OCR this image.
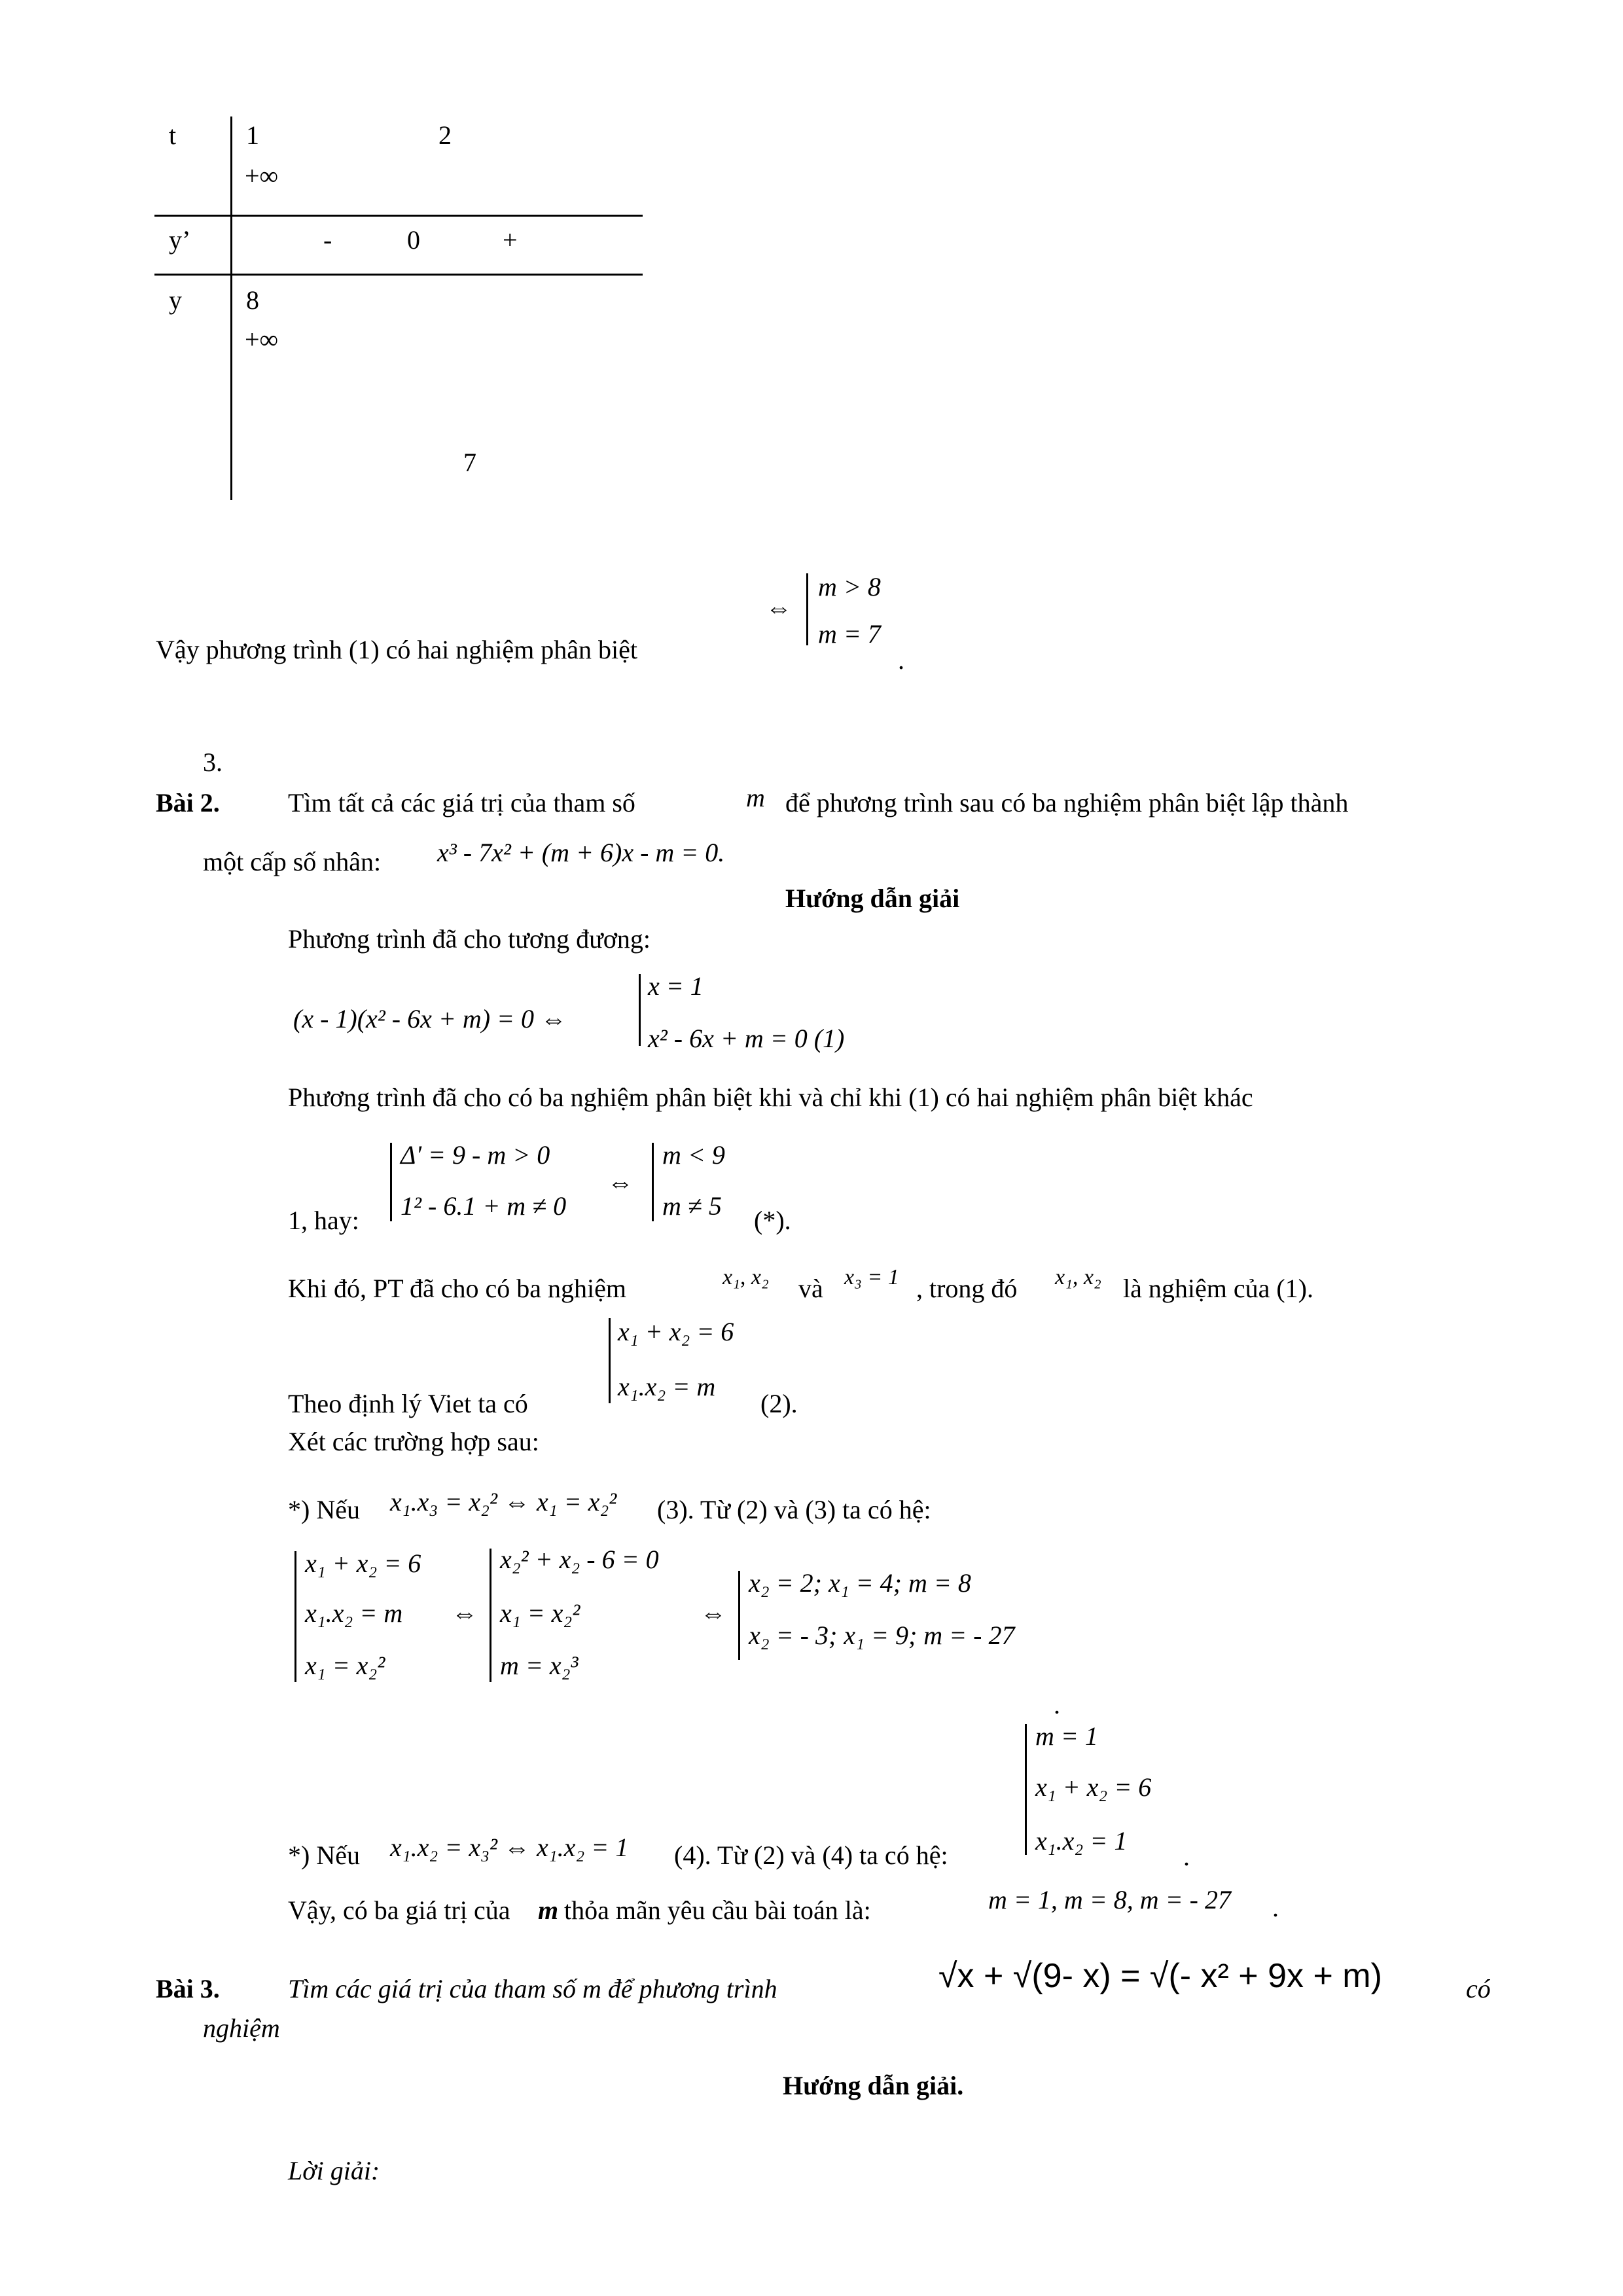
t	1	2
+∞
y’	-	0	+
y 8
+∞
7
Vậy phương trình (1) có hai nghiệm phân biệt
⇔
m > 8
m = 7
.
3.
Bài 2.	Tìm tất cả các giá trị của tham số	m để phương trình sau có ba nghiệm phân biệt lập thành
một cấp số nhân: x³ - 7x² + (m + 6)x - m = 0.
Hướng dẫn giải
Phương trình đã cho tương đương:
(x - 1)(x² - 6x + m) = 0 ⇔
x = 1
x² - 6x + m = 0 (1)
Phương trình đã cho có ba nghiệm phân biệt khi và chỉ khi (1) có hai nghiệm phân biệt khác
1, hay:
Δ' = 9 - m > 0
1² - 6.1 + m ≠ 0
⇔
m < 9
m ≠ 5 (*).
Khi đó, PT đã cho có ba nghiệm	x₁, x₂ và x₃ = 1 , trong đó x₁, x₂ là nghiệm của (1).
Theo định lý Viet ta có
x₁ + x₂ = 6
x₁.x₂ = m
(2).
Xét các trường hợp sau:
*) Nếu x₁.x₃ = x₂² ⇔ x₁ = x₂² (3). Từ (2) và (3) ta có hệ:
x₁ + x₂ = 6
x₁.x₂ = m
x₁ = x₂²
⇔
x₂² + x₂ - 6 = 0
x₁ = x₂²
m = x₂³
⇔
x₂ = 2; x₁ = 4; m = 8
x₂ = - 3; x₁ = 9; m = - 27
.
m = 1
x₁ + x₂ = 6
x₁.x₂ = 1
.
*) Nếu x₁.x₂ = x₃² ⇔ x₁.x₂ = 1 (4). Từ (2) và (4) ta có hệ:
Vậy, có ba giá trị của m thỏa mãn yêu cầu bài toán là:	m = 1, m = 8, m = - 27 .
Bài 3.	Tìm các giá trị của tham số m để phương trình	√x + √(9- x) = √(- x² + 9x + m)	có
nghiệm
Hướng dẫn giải.
Lời giải:
